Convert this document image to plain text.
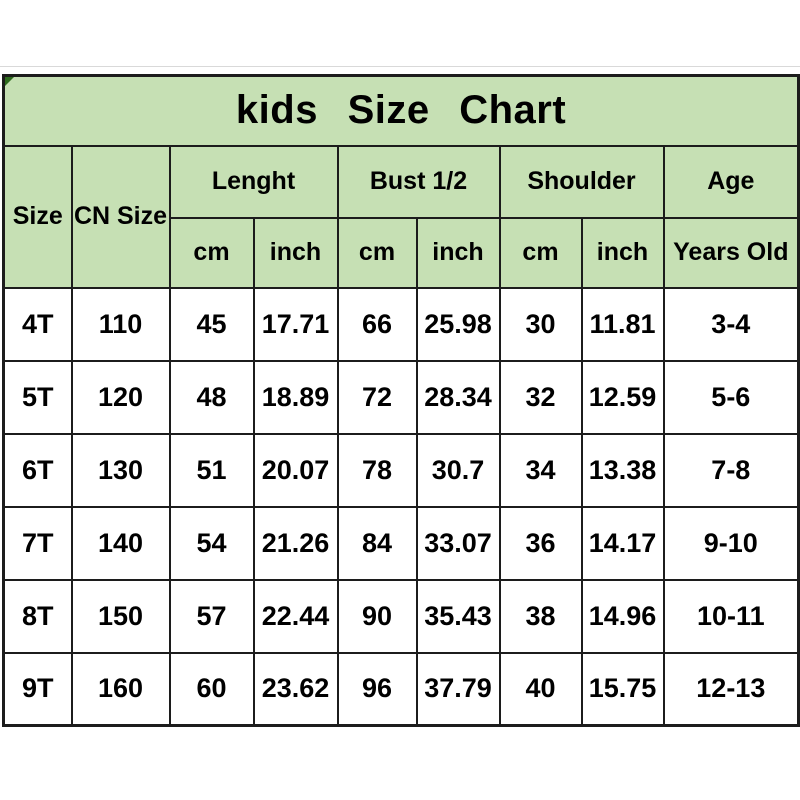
kids Size Chart								
Size	CN Size	Lenght		Bust 1/2		Shoulder		Age
		cm	inch	cm	inch	cm	inch	Years Old
4T	110	45	17.71	66	25.98	30	11.81	3-4
5T	120	48	18.89	72	28.34	32	12.59	5-6
6T	130	51	20.07	78	30.7	34	13.38	7-8
7T	140	54	21.26	84	33.07	36	14.17	9-10
8T	150	57	22.44	90	35.43	38	14.96	10-11
9T	160	60	23.62	96	37.79	40	15.75	12-13
